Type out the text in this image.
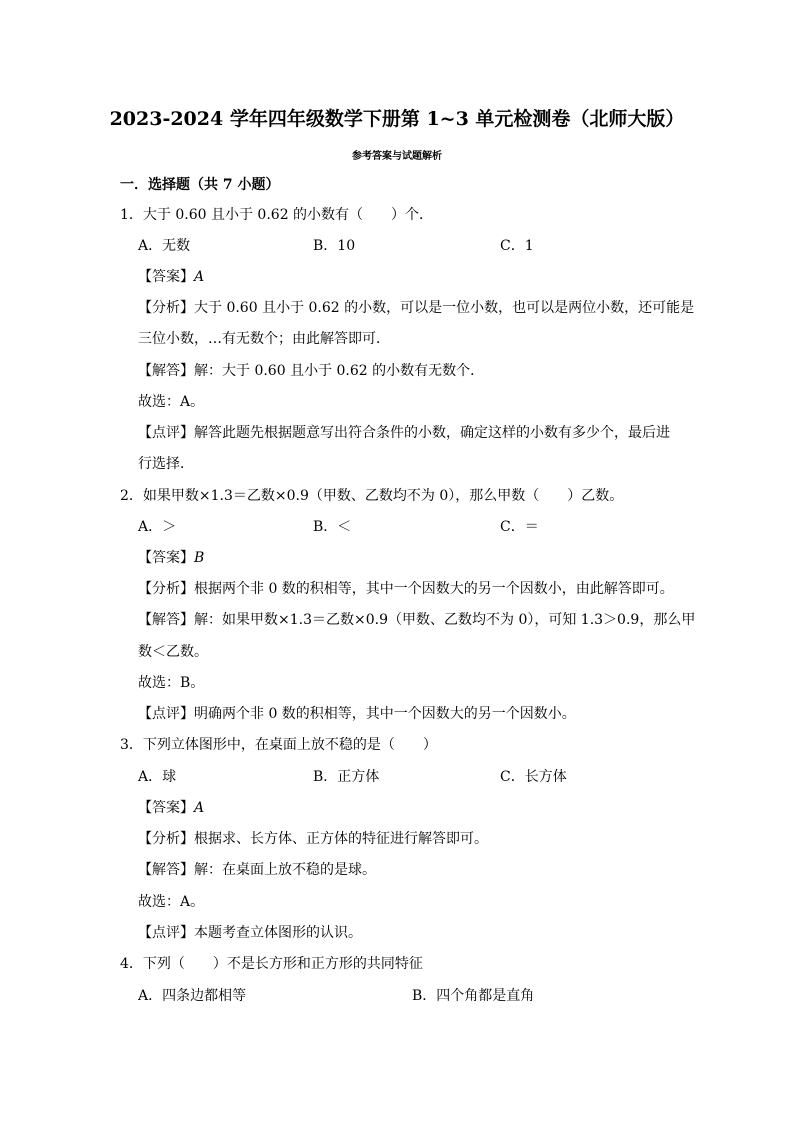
2023-2024 学年四年级数学下册第 1~3 单元检测卷（北师大版）
参考答案与试题解析
一．选择题（共 7 小题）
1．大于 0.60 且小于 0.62 的小数有（　　）个．
A．无数	B．10	C．1
【答案】A
【分析】大于 0.60 且小于 0.62 的小数，可以是一位小数，也可以是两位小数，还可能是
三位小数，…有无数个；由此解答即可．
【解答】解：大于 0.60 且小于 0.62 的小数有无数个．
故选：A。
【点评】解答此题先根据题意写出符合条件的小数，确定这样的小数有多少个，最后进
行选择．
2．如果甲数×1.3＝乙数×0.9（甲数、乙数均不为 0），那么甲数（　　）乙数。
A．＞	B．＜	C．＝
【答案】B
【分析】根据两个非 0 数的积相等，其中一个因数大的另一个因数小，由此解答即可。
【解答】解：如果甲数×1.3＝乙数×0.9（甲数、乙数均不为 0），可知 1.3＞0.9，那么甲
数＜乙数。
故选：B。
【点评】明确两个非 0 数的积相等，其中一个因数大的另一个因数小。
3．下列立体图形中，在桌面上放不稳的是（　　）
A．球	B．正方体	C．长方体
【答案】A
【分析】根据求、长方体、正方体的特征进行解答即可。
【解答】解：在桌面上放不稳的是球。
故选：A。
【点评】本题考查立体图形的认识。
4．下列（　　）不是长方形和正方形的共同特征
A．四条边都相等	B．四个角都是直角
